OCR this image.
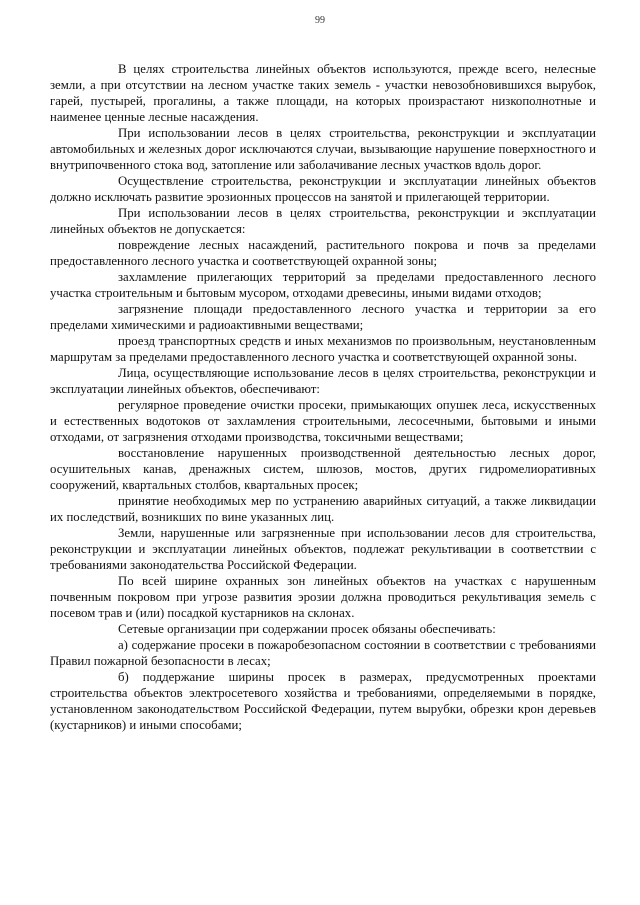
99

В целях строительства линейных объектов используются, прежде всего, нелесные земли, а при отсутствии на лесном участке таких земель - участки невозобновившихся вырубок, гарей, пустырей, прогалины, а также площади, на которых произрастают низкополнотные и наименее ценные лесные насаждения.

При использовании лесов в целях строительства, реконструкции и эксплуатации автомобильных и железных дорог исключаются случаи, вызывающие нарушение поверхностного и внутрипочвенного стока вод, затопление или заболачивание лесных участков вдоль дорог.

Осуществление строительства, реконструкции и эксплуатации линейных объектов должно исключать развитие эрозионных процессов на занятой и прилегающей территории.

При использовании лесов в целях строительства, реконструкции и эксплуатации линейных объектов не допускается:

повреждение лесных насаждений, растительного покрова и почв за пределами предоставленного лесного участка и соответствующей охранной зоны;

захламление прилегающих территорий за пределами предоставленного лесного участка строительным и бытовым мусором, отходами древесины, иными видами отходов;

загрязнение площади предоставленного лесного участка и территории за его пределами химическими и радиоактивными веществами;

проезд транспортных средств и иных механизмов по произвольным, неустановленным маршрутам за пределами предоставленного лесного участка и соответствующей охранной зоны.

Лица, осуществляющие использование лесов в целях строительства, реконструкции и эксплуатации линейных объектов, обеспечивают:

регулярное проведение очистки просеки, примыкающих опушек леса, искусственных и естественных водотоков от захламления строительными, лесосечными, бытовыми и иными отходами, от загрязнения отходами производства, токсичными веществами;

восстановление нарушенных производственной деятельностью лесных дорог, осушительных канав, дренажных систем, шлюзов, мостов, других гидромелиоративных сооружений, квартальных столбов, квартальных просек;

принятие необходимых мер по устранению аварийных ситуаций, а также ликвидации их последствий, возникших по вине указанных лиц.

Земли, нарушенные или загрязненные при использовании лесов для строительства, реконструкции и эксплуатации линейных объектов, подлежат рекультивации в соответствии с требованиями законодательства Российской Федерации.

По всей ширине охранных зон линейных объектов на участках с нарушенным почвенным покровом при угрозе развития эрозии должна проводиться рекультивация земель с посевом трав и (или) посадкой кустарников на склонах.

Сетевые организации при содержании просек обязаны обеспечивать:

а) содержание просеки в пожаробезопасном состоянии в соответствии с требованиями Правил пожарной безопасности в лесах;

б) поддержание ширины просек в размерах, предусмотренных проектами строительства объектов электросетевого хозяйства и требованиями, определяемыми в порядке, установленном законодательством Российской Федерации, путем вырубки, обрезки крон деревьев (кустарников) и иными способами;
